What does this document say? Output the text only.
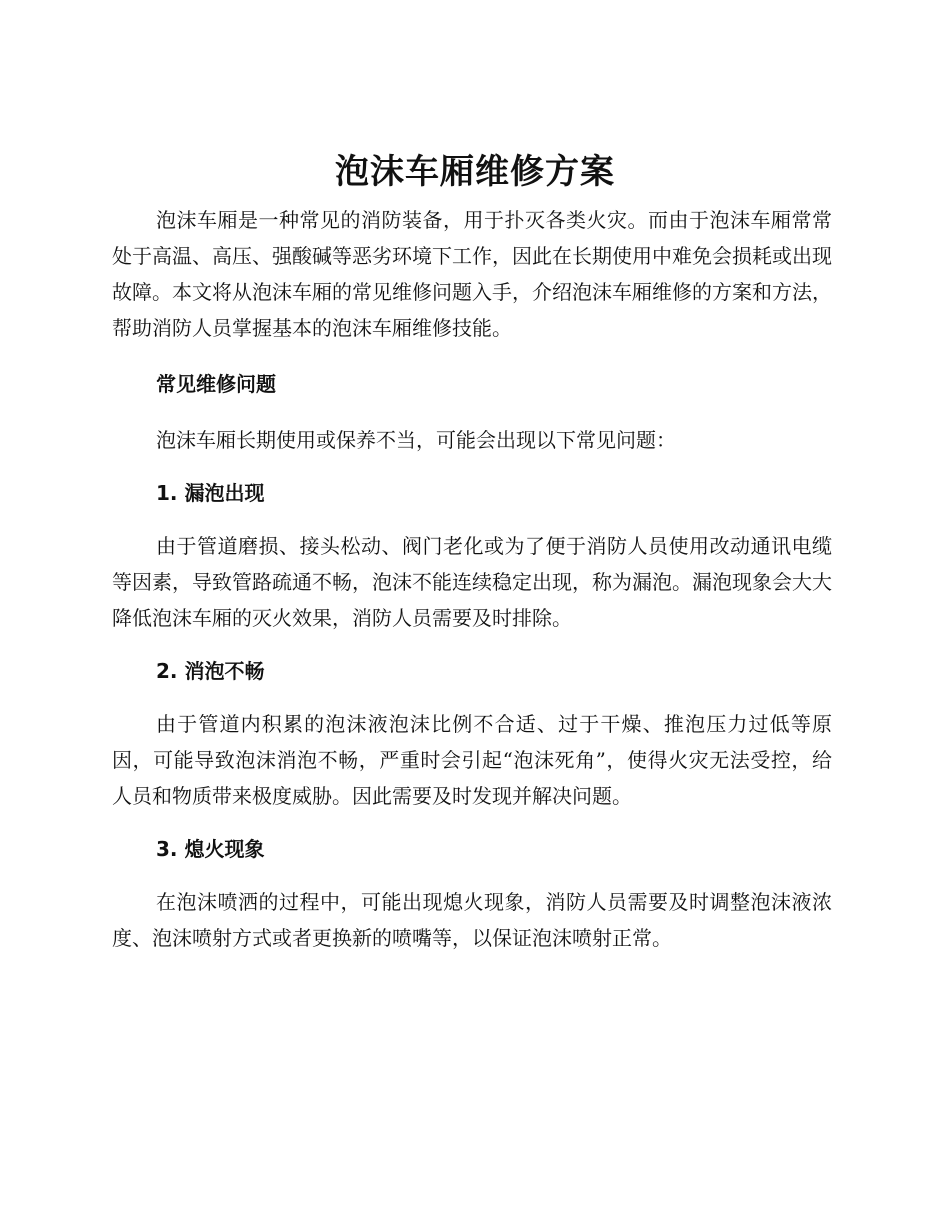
泡沫车厢维修方案

泡沫车厢是一种常见的消防装备，用于扑灭各类火灾。而由于泡沫车厢常常处于高温、高压、强酸碱等恶劣环境下工作，因此在长期使用中难免会损耗或出现故障。本文将从泡沫车厢的常见维修问题入手，介绍泡沫车厢维修的方案和方法，帮助消防人员掌握基本的泡沫车厢维修技能。

常见维修问题

泡沫车厢长期使用或保养不当，可能会出现以下常见问题：

1. 漏泡出现

由于管道磨损、接头松动、阀门老化或为了便于消防人员使用改动通讯电缆等因素，导致管路疏通不畅，泡沫不能连续稳定出现，称为漏泡。漏泡现象会大大降低泡沫车厢的灭火效果，消防人员需要及时排除。

2. 消泡不畅

由于管道内积累的泡沫液泡沫比例不合适、过于干燥、推泡压力过低等原因，可能导致泡沫消泡不畅，严重时会引起“泡沫死角”，使得火灾无法受控，给人员和物质带来极度威胁。因此需要及时发现并解决问题。

3. 熄火现象

在泡沫喷洒的过程中，可能出现熄火现象，消防人员需要及时调整泡沫液浓度、泡沫喷射方式或者更换新的喷嘴等，以保证泡沫喷射正常。
